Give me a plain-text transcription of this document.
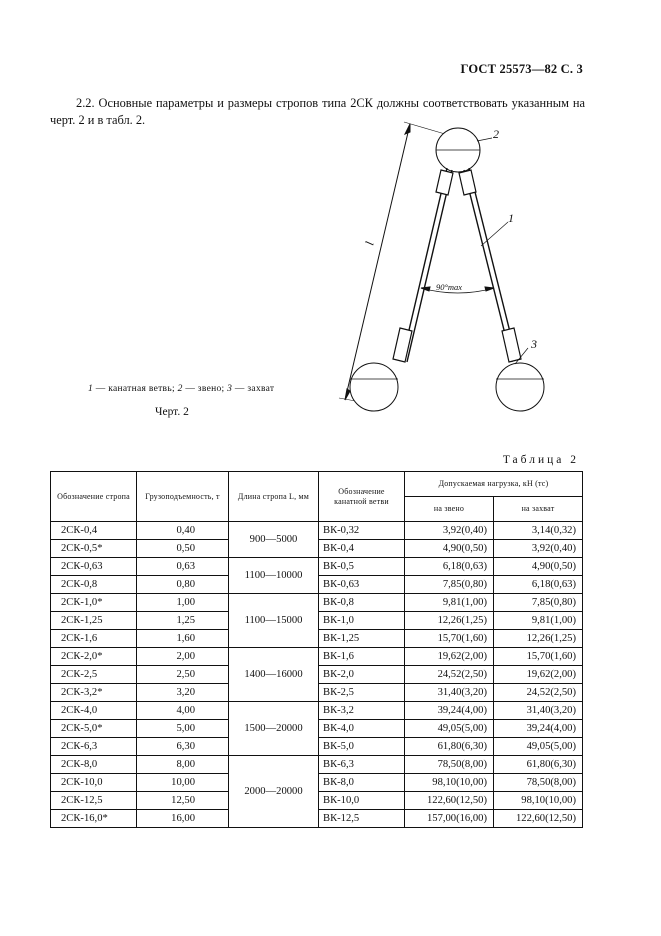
ГОСТ 25573—82 С. 3
2.2. Основные параметры и размеры стропов типа 2СК должны соответствовать указанным на черт. 2 и в табл. 2.
l
2
1
3
90°max
1 — канатная ветвь; 2 — звено; 3 — захват
Черт. 2
Таблица 2
Обозначение стропа	Грузоподъемность, т	Длина стропа L, мм	Обозначение канатной ветви	Допускаемая нагрузка, кН (тс)	
				на звено	на захват
2СК-0,4	0,40	900—5000	ВК-0,32	3,92(0,40)	3,14(0,32)
2СК-0,5*	0,50		ВК-0,4	4,90(0,50)	3,92(0,40)
2СК-0,63	0,63	1100—10000	ВК-0,5	6,18(0,63)	4,90(0,50)
2СК-0,8	0,80		ВК-0,63	7,85(0,80)	6,18(0,63)
2СК-1,0*	1,00	1100—15000	ВК-0,8	9,81(1,00)	7,85(0,80)
2СК-1,25	1,25		ВК-1,0	12,26(1,25)	9,81(1,00)
2СК-1,6	1,60		ВК-1,25	15,70(1,60)	12,26(1,25)
2СК-2,0*	2,00	1400—16000	ВК-1,6	19,62(2,00)	15,70(1,60)
2СК-2,5	2,50		ВК-2,0	24,52(2,50)	19,62(2,00)
2СК-3,2*	3,20		ВК-2,5	31,40(3,20)	24,52(2,50)
2СК-4,0	4,00	1500—20000	ВК-3,2	39,24(4,00)	31,40(3,20)
2СК-5,0*	5,00		ВК-4,0	49,05(5,00)	39,24(4,00)
2СК-6,3	6,30		ВК-5,0	61,80(6,30)	49,05(5,00)
2СК-8,0	8,00	2000—20000	ВК-6,3	78,50(8,00)	61,80(6,30)
2СК-10,0	10,00		ВК-8,0	98,10(10,00)	78,50(8,00)
2СК-12,5	12,50		ВК-10,0	122,60(12,50)	98,10(10,00)
2СК-16,0*	16,00		ВК-12,5	157,00(16,00)	122,60(12,50)
